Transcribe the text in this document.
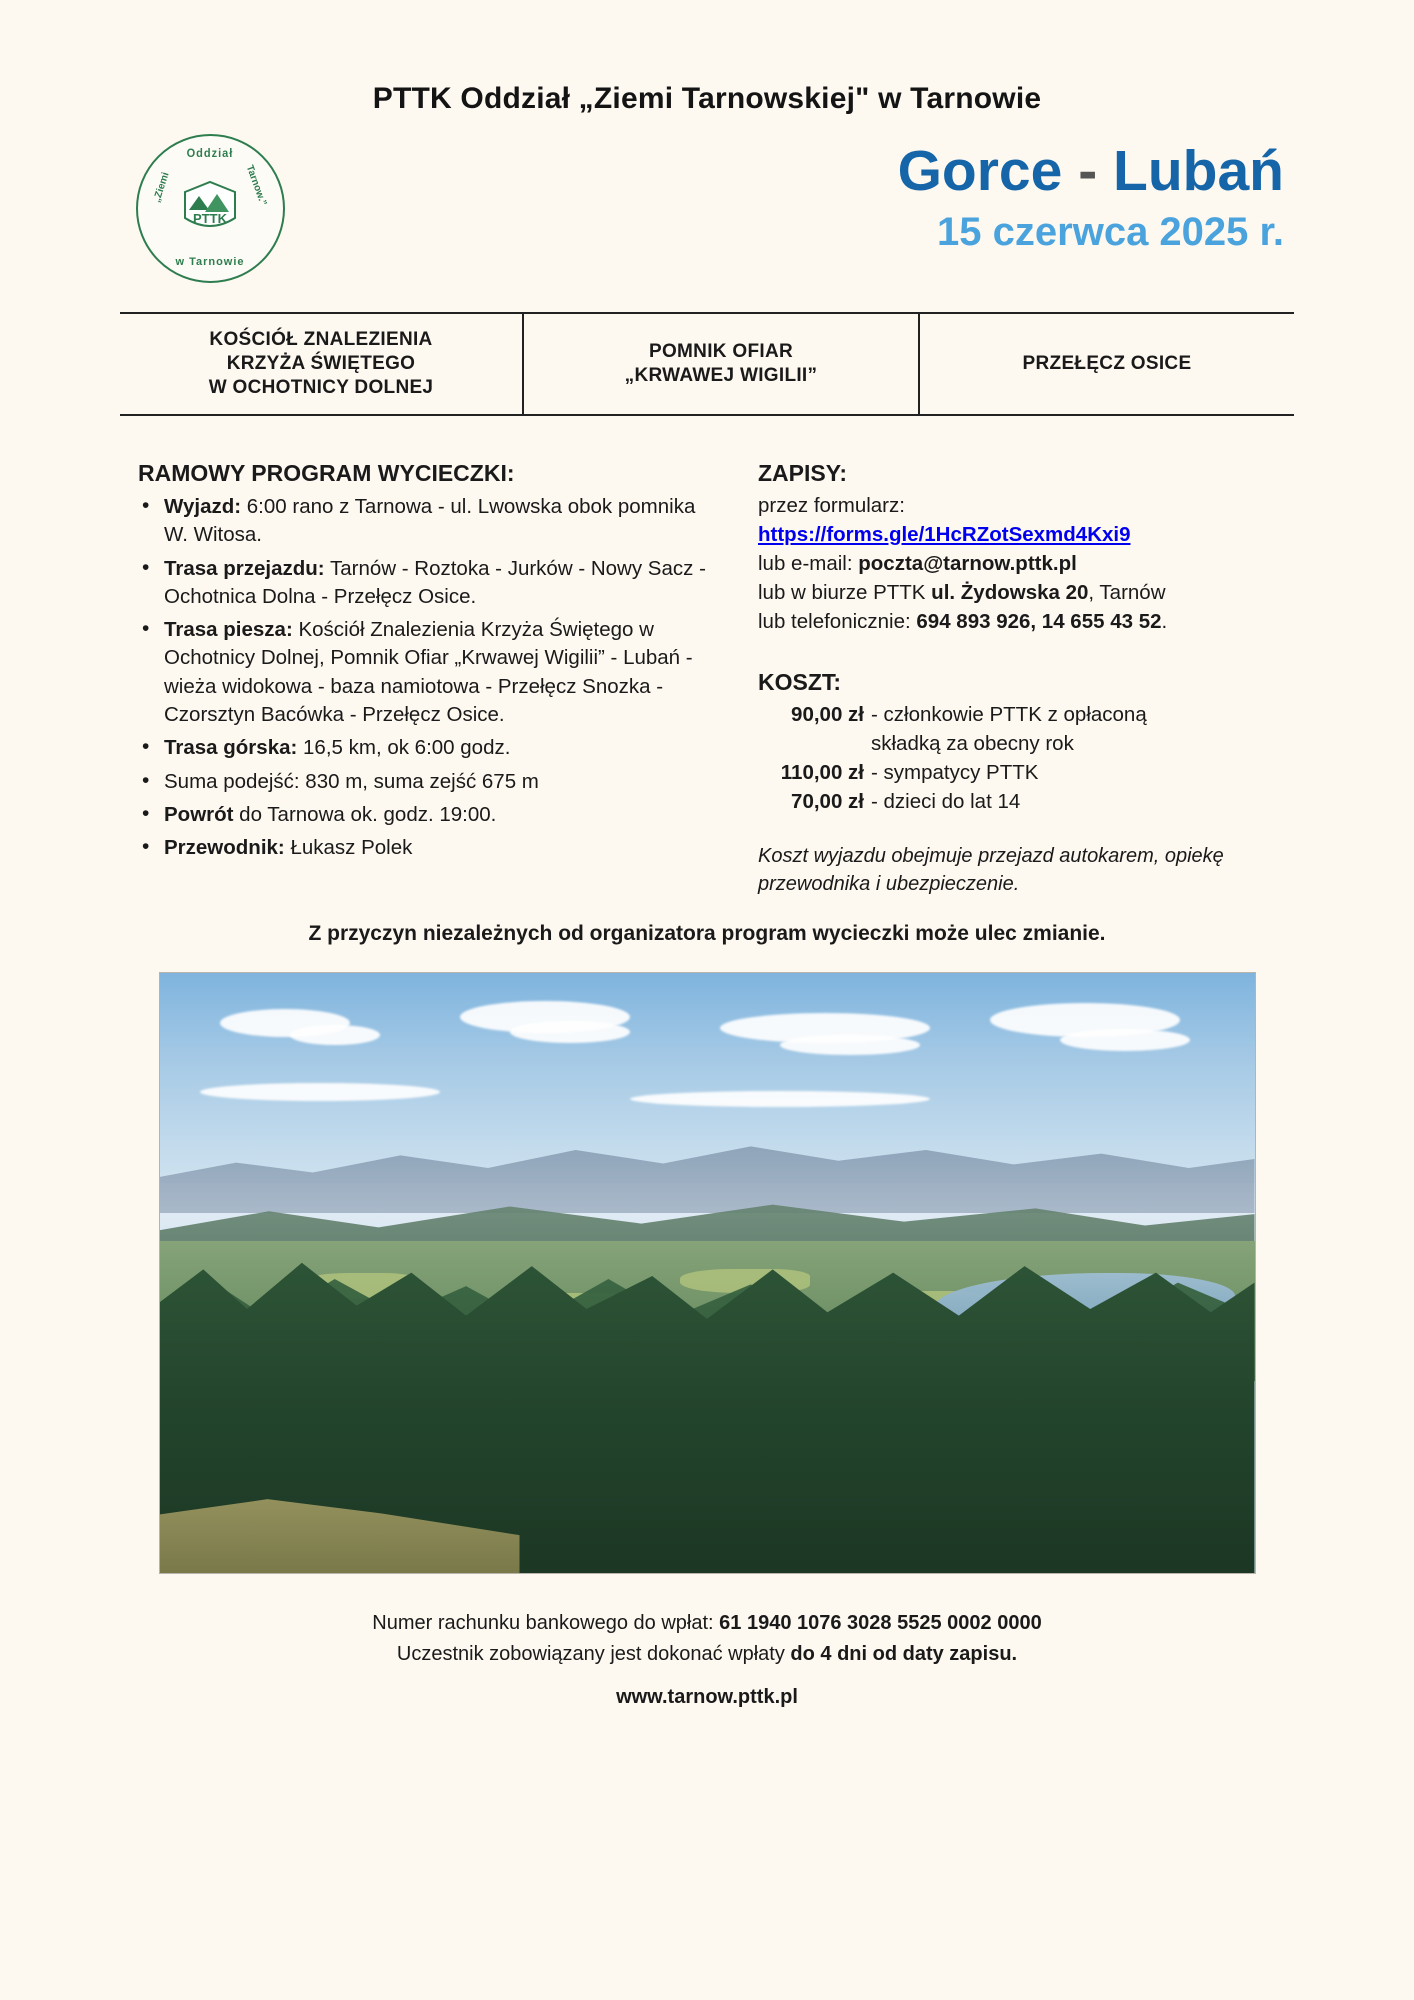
PTTK Oddział „Ziemi Tarnowskiej" w Tarnowie
Oddział
„Ziemi	Tarnow.”
w Tarnowie
PTTK
Gorce - Lubań
15 czerwca 2025 r.
KOŚCIÓŁ ZNALEZIENIA
KRZYŻA ŚWIĘTEGO
W OCHOTNICY DOLNEJ
POMNIK OFIAR
„KRWAWEJ WIGILII”
PRZEŁĘCZ OSICE
RAMOWY PROGRAM WYCIECZKI:
• Wyjazd: 6:00 rano z Tarnowa - ul. Lwowska obok pomnika W. Witosa.
• Trasa przejazdu: Tarnów - Roztoka - Jurków - Nowy Sacz - Ochotnica Dolna - Przełęcz Osice.
• Trasa piesza: Kościół Znalezienia Krzyża Świętego w Ochotnicy Dolnej, Pomnik Ofiar „Krwawej Wigilii” - Lubań - wieża widokowa - baza namiotowa - Przełęcz Snozka - Czorsztyn Bacówka - Przełęcz Osice.
• Trasa górska: 16,5 km, ok 6:00 godz.
• Suma podejść: 830 m, suma zejść 675 m
• Powrót do Tarnowa ok. godz. 19:00.
• Przewodnik: Łukasz Polek
ZAPISY:
przez formularz:
https://forms.gle/1HcRZotSexmd4Kxi9
lub e-mail: poczta@tarnow.pttk.pl
lub w biurze PTTK ul. Żydowska 20, Tarnów
lub telefonicznie: 694 893 926, 14 655 43 52.
KOSZT:
90,00 zł - członkowie PTTK z opłaconą
składką za obecny rok
110,00 zł - sympatycy PTTK
70,00 zł - dzieci do lat 14
Koszt wyjazdu obejmuje przejazd autokarem, opiekę przewodnika i ubezpieczenie.
Z przyczyn niezależnych od organizatora program wycieczki może ulec zmianie.
Numer rachunku bankowego do wpłat: 61 1940 1076 3028 5525 0002 0000
Uczestnik zobowiązany jest dokonać wpłaty do 4 dni od daty zapisu.
www.tarnow.pttk.pl
